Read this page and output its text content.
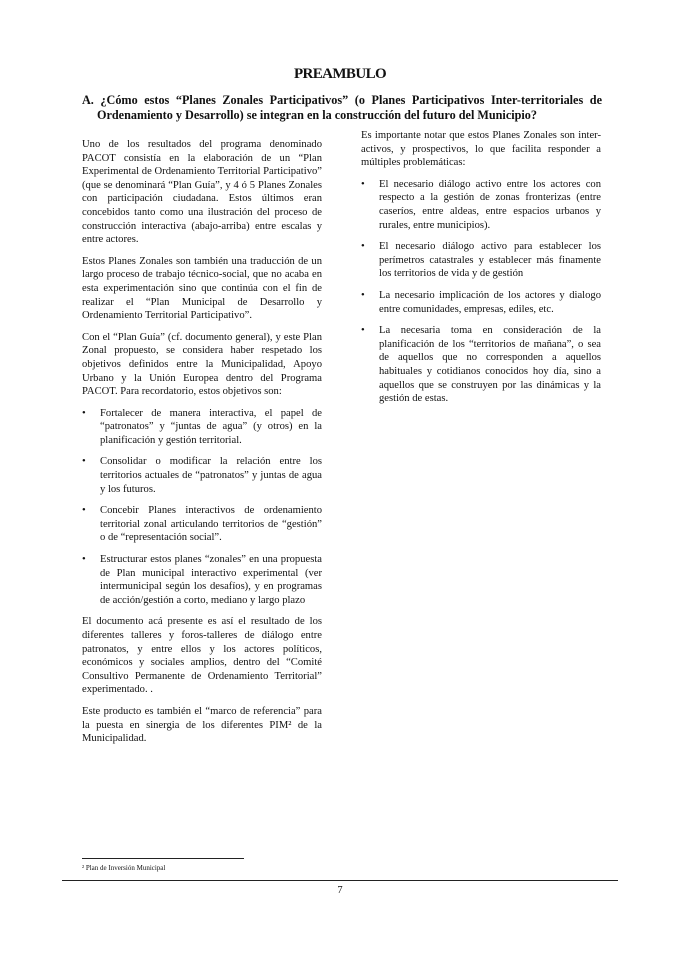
PREAMBULO
A. ¿Cómo estos “Planes Zonales Participativos” (o Planes Participativos Inter-territoriales de Ordenamiento y Desarrollo) se integran en la construcción del futuro del Municipio?

Uno de los resultados del programa denominado PACOT consistía en la elaboración de un “Plan Experimental de Ordenamiento Territorial Participativo” (que se denominará “Plan Guía”, y 4 ó 5 Planes Zonales con participación ciudadana. Estos últimos eran concebidos tanto como una ilustración del proceso de construcción interactiva (abajo-arriba) entre escalas y entre actores.

Estos Planes Zonales son también una traducción de un largo proceso de trabajo técnico-social, que no acaba en esta experimentación sino que continúa con el fin de realizar el “Plan Municipal de Desarrollo y Ordenamiento Territorial Participativo”.

Con el “Plan Guía” (cf. documento general), y este Plan Zonal propuesto, se considera haber respetado los objetivos definidos entre la Municipalidad, Apoyo Urbano y la Unión Europea dentro del Programa PACOT. Para recordatorio, estos objetivos son:

•	Fortalecer de manera interactiva, el papel de “patronatos” y “juntas de agua” (y otros) en la planificación y gestión territorial.
•	Consolidar o modificar la relación entre los territorios actuales de “patronatos” y juntas de agua y los futuros.
•	Concebir Planes interactivos de ordenamiento territorial zonal articulando territorios de “gestión” o de “representación social”.
•	Estructurar estos planes “zonales” en una propuesta de Plan municipal interactivo experimental (ver intermunicipal según los desafíos), y en programas de acción/gestión a corto, mediano y largo plazo

El documento acá presente es así el resultado de los diferentes talleres y foros-talleres de diálogo entre patronatos, y entre ellos y los actores políticos, económicos y sociales amplios, dentro del “Comité Consultivo Permanente de Ordenamiento Territorial” experimentado. .

Este producto es también el “marco de referencia” para la puesta en sinergia de los diferentes PIM² de la Municipalidad.

Es importante notar que estos Planes Zonales son inter-activos, y prospectivos, lo que facilita responder a múltiples problemáticas:

•	El necesario diálogo activo entre los actores con respecto a la gestión de zonas fronterizas (entre caseríos, entre aldeas, entre espacios urbanos y rurales, entre municipios).
•	El necesario diálogo activo para establecer los perímetros catastrales y establecer más finamente los territorios de vida y de gestión
•	La necesario implicación de los actores y dialogo entre comunidades, empresas, ediles, etc.
•	La necesaria toma en consideración de la planificación de los “territorios de mañana”, o sea de aquellos que no corresponden a aquellos habituales y cotidianos conocidos hoy día, sino a aquellos que se construyen por las dinámicas y la gestión de estas.
² Plan de Inversión Municipal
7
